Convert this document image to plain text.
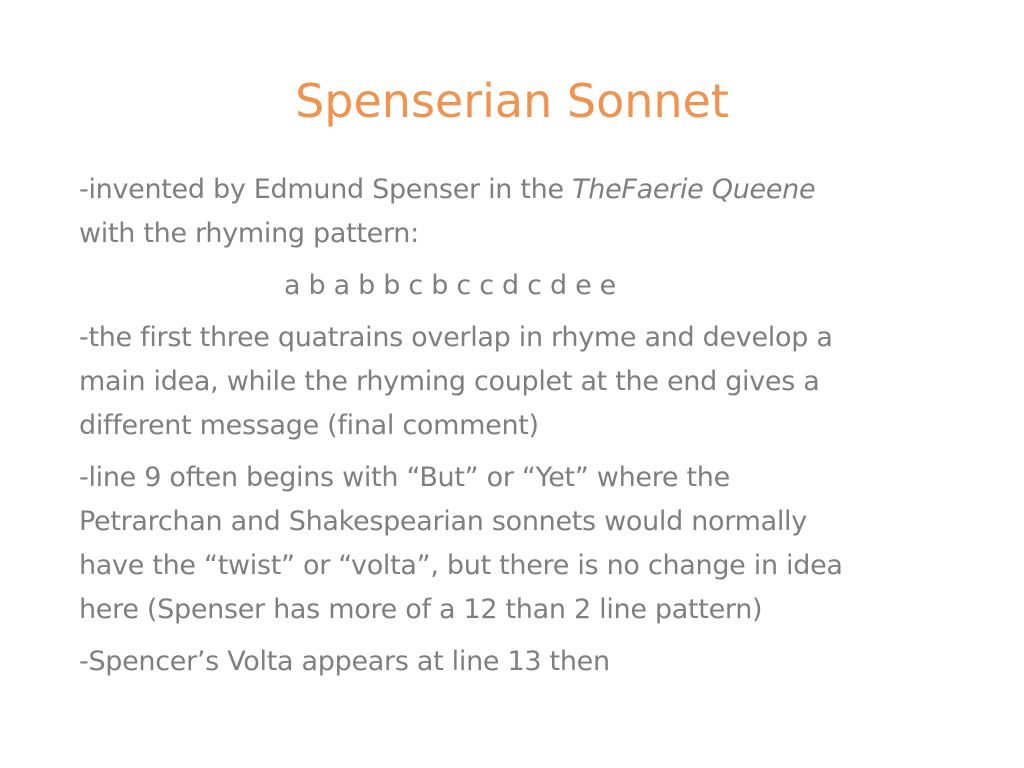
Spenserian Sonnet

-invented by Edmund Spenser in the TheFaerie Queene
with the rhyming pattern:

a b a b b c b c c d c d e e

-the first three quatrains overlap in rhyme and develop a
main idea, while the rhyming couplet at the end gives a
different message (final comment)

-line 9 often begins with “But” or “Yet” where the
Petrarchan and Shakespearian sonnets would normally
have the “twist” or “volta”, but there is no change in idea
here (Spenser has more of a 12 than 2 line pattern)

-Spencer’s Volta appears at line 13 then
